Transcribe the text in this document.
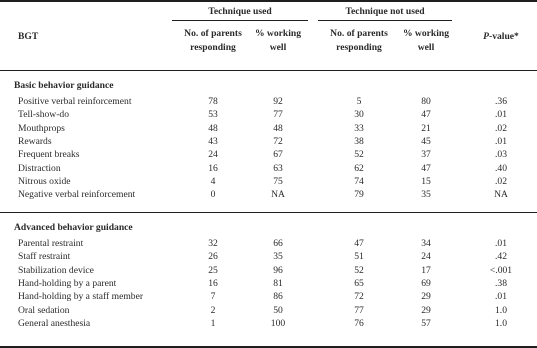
BGT
Technique used	Technique not used
No. of parents
responding
% working
well
No. of parents
responding
% working
well
P-value*
Basic behavior guidance
Positive verbal reinforcement	78	92	5	80	.36
Tell-show-do	53	77	30	47	.01
Mouthprops	48	48	33	21	.02
Rewards	43	72	38	45	.01
Frequent breaks	24	67	52	37	.03
Distraction	16	63	62	47	.40
Nitrous oxide	4	75	74	15	.02
Negative verbal reinforcement	0	NA	79	35	NA
Advanced behavior guidance
Parental restraint	32	66	47	34	.01
Staff restraint	26	35	51	24	.42
Stabilization device	25	96	52	17	<.001
Hand-holding by a parent	16	81	65	69	.38
Hand-holding by a staff member	7	86	72	29	.01
Oral sedation	2	50	77	29	1.0
General anesthesia	1	100	76	57	1.0
